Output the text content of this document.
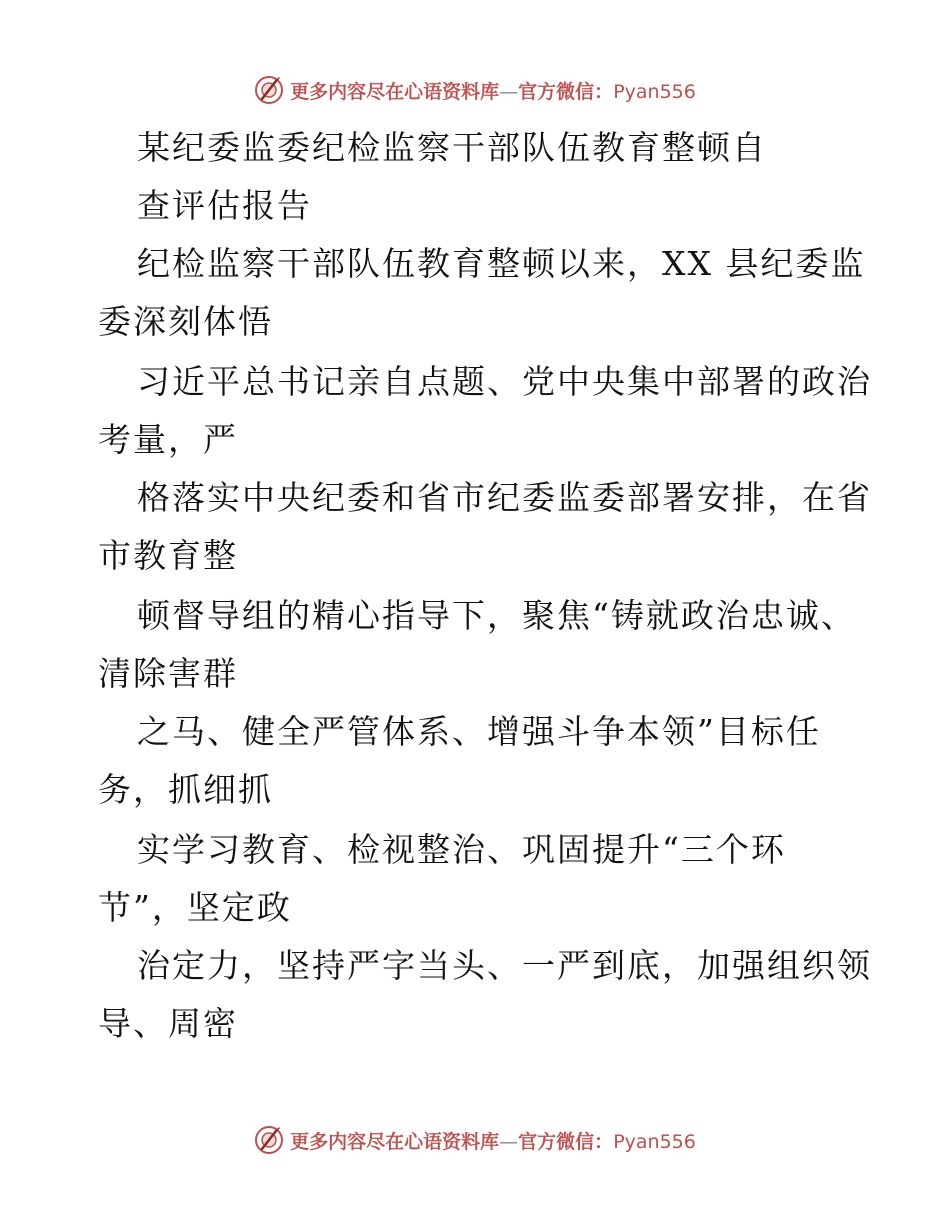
更多内容尽在心语资料库—官方微信：Pyan556
某纪委监委纪检监察干部队伍教育整顿自
查评估报告
纪检监察干部队伍教育整顿以来，XX 县纪委监
委深刻体悟
习近平总书记亲自点题、党中央集中部署的政治
考量，严
格落实中央纪委和省市纪委监委部署安排，在省
市教育整
顿督导组的精心指导下，聚焦“铸就政治忠诚、
清除害群
之马、健全严管体系、增强斗争本领”目标任
务，抓细抓
实学习教育、检视整治、巩固提升“三个环
节”，坚定政
治定力，坚持严字当头、一严到底，加强组织领
导、周密
更多内容尽在心语资料库—官方微信：Pyan556
